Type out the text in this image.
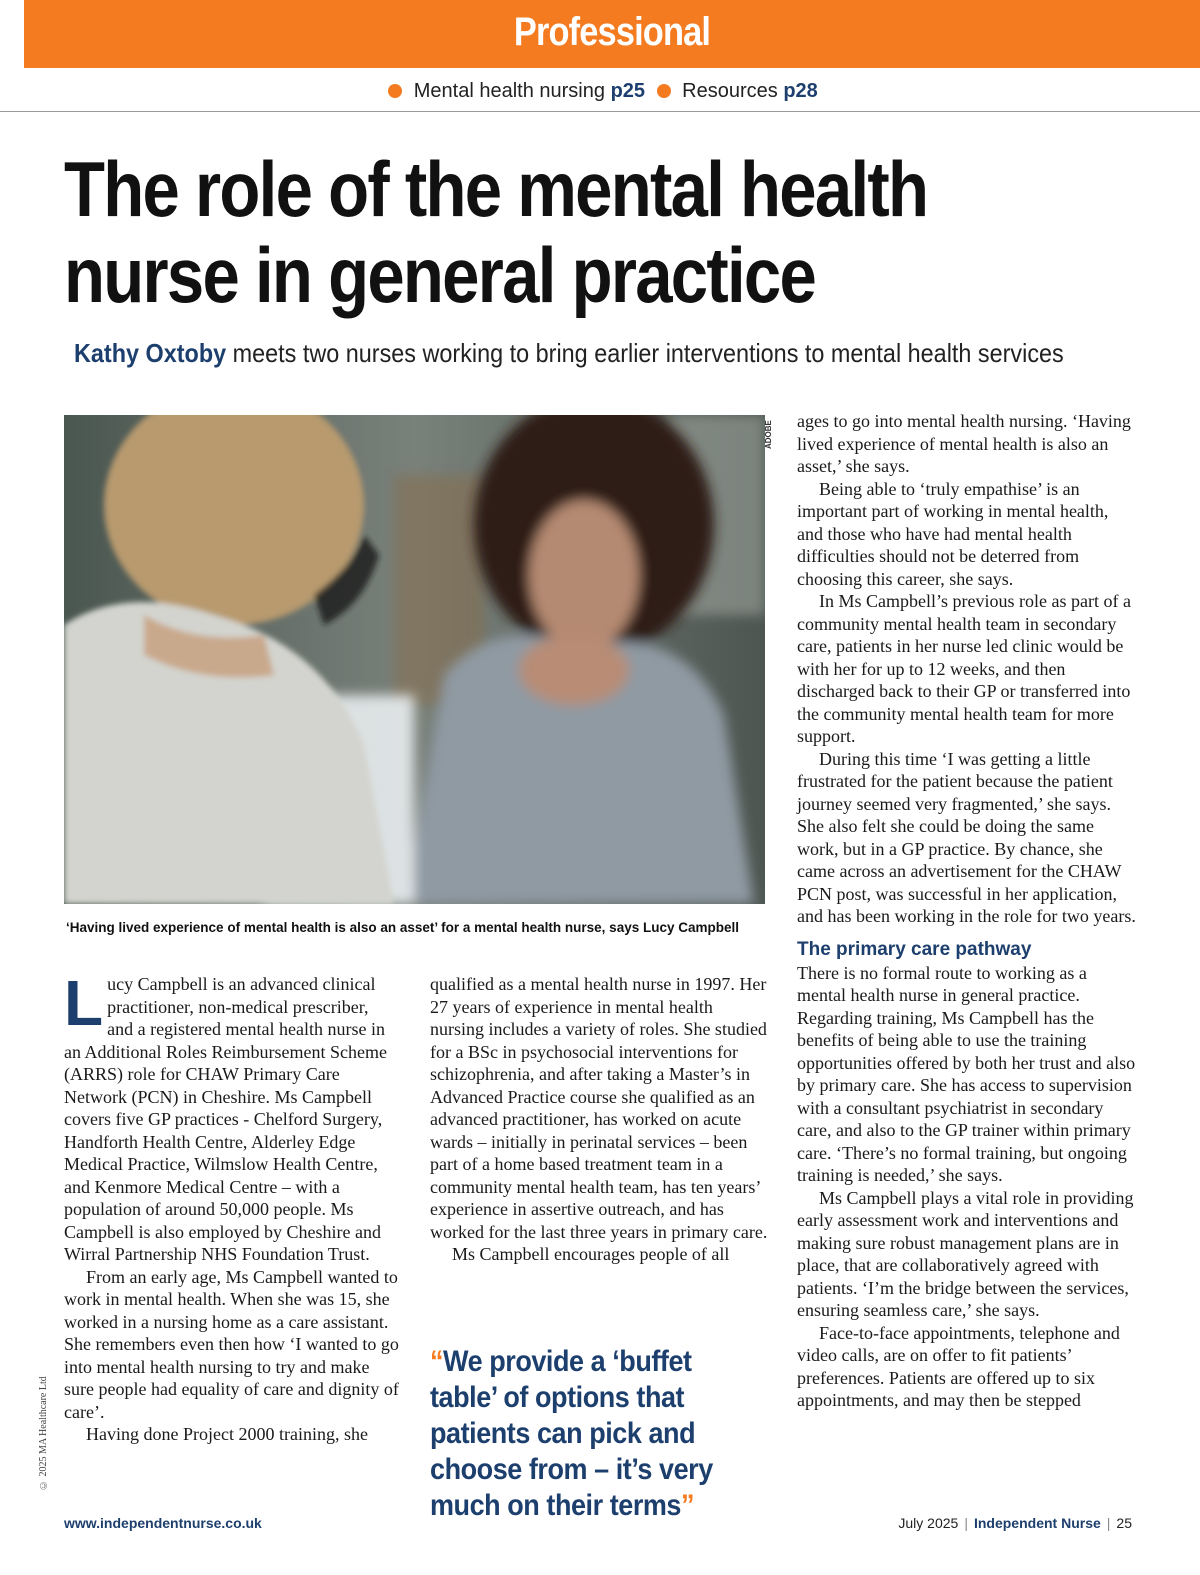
Professional
Mental health nursing p25 Resources p28
The role of the mental health
nurse in general practice
Kathy Oxtoby meets two nurses working to bring earlier interventions to mental health services
ADOBE
‘Having lived experience of mental health is also an asset’ for a mental health nurse, says Lucy Campbell

Lucy Campbell is an advanced clinical practitioner, non-medical prescriber, and a registered mental health nurse in an Additional Roles Reimbursement Scheme (ARRS) role for CHAW Primary Care Network (PCN) in Cheshire. Ms Campbell covers five GP practices - Chelford Surgery, Handforth Health Centre, Alderley Edge Medical Practice, Wilmslow Health Centre, and Kenmore Medical Centre – with a population of around 50,000 people. Ms Campbell is also employed by Cheshire and Wirral Partnership NHS Foundation Trust.

From an early age, Ms Campbell wanted to work in mental health. When she was 15, she worked in a nursing home as a care assistant. She remembers even then how ‘I wanted to go into mental health nursing to try and make sure people had equality of care and dignity of care’.

Having done Project 2000 training, she

qualified as a mental health nurse in 1997. Her 27 years of experience in mental health nursing includes a variety of roles. She studied for a BSc in psychosocial interventions for schizophrenia, and after taking a Master’s in Advanced Practice course she qualified as an advanced practitioner, has worked on acute wards – initially in perinatal services – been part of a home based treatment team in a community mental health team, has ten years’ experience in assertive outreach, and has worked for the last three years in primary care.

Ms Campbell encourages people of all

“We provide a ‘buffet table’ of options that patients can pick and choose from – it’s very much on their terms”

ages to go into mental health nursing. ‘Having lived experience of mental health is also an asset,’ she says.

Being able to ‘truly empathise’ is an important part of working in mental health, and those who have had mental health difficulties should not be deterred from choosing this career, she says.

In Ms Campbell’s previous role as part of a community mental health team in secondary care, patients in her nurse led clinic would be with her for up to 12 weeks, and then discharged back to their GP or transferred into the community mental health team for more support.

During this time ‘I was getting a little frustrated for the patient because the patient journey seemed very fragmented,’ she says. She also felt she could be doing the same work, but in a GP practice. By chance, she came across an advertisement for the CHAW PCN post, was successful in her application, and has been working in the role for two years.

The primary care pathway

There is no formal route to working as a mental health nurse in general practice. Regarding training, Ms Campbell has the benefits of being able to use the training opportunities offered by both her trust and also by primary care. She has access to supervision with a consultant psychiatrist in secondary care, and also to the GP trainer within primary care. ‘There’s no formal training, but ongoing training is needed,’ she says.

Ms Campbell plays a vital role in providing early assessment work and interventions and making sure robust management plans are in place, that are collaboratively agreed with patients. ‘I’m the bridge between the services, ensuring seamless care,’ she says.

Face-to-face appointments, telephone and video calls, are on offer to fit patients’ preferences. Patients are offered up to six appointments, and may then be stepped

© 2025 MA Healthcare Ltd
www.independentnurse.co.uk	July 2025 | Independent Nurse | 25
